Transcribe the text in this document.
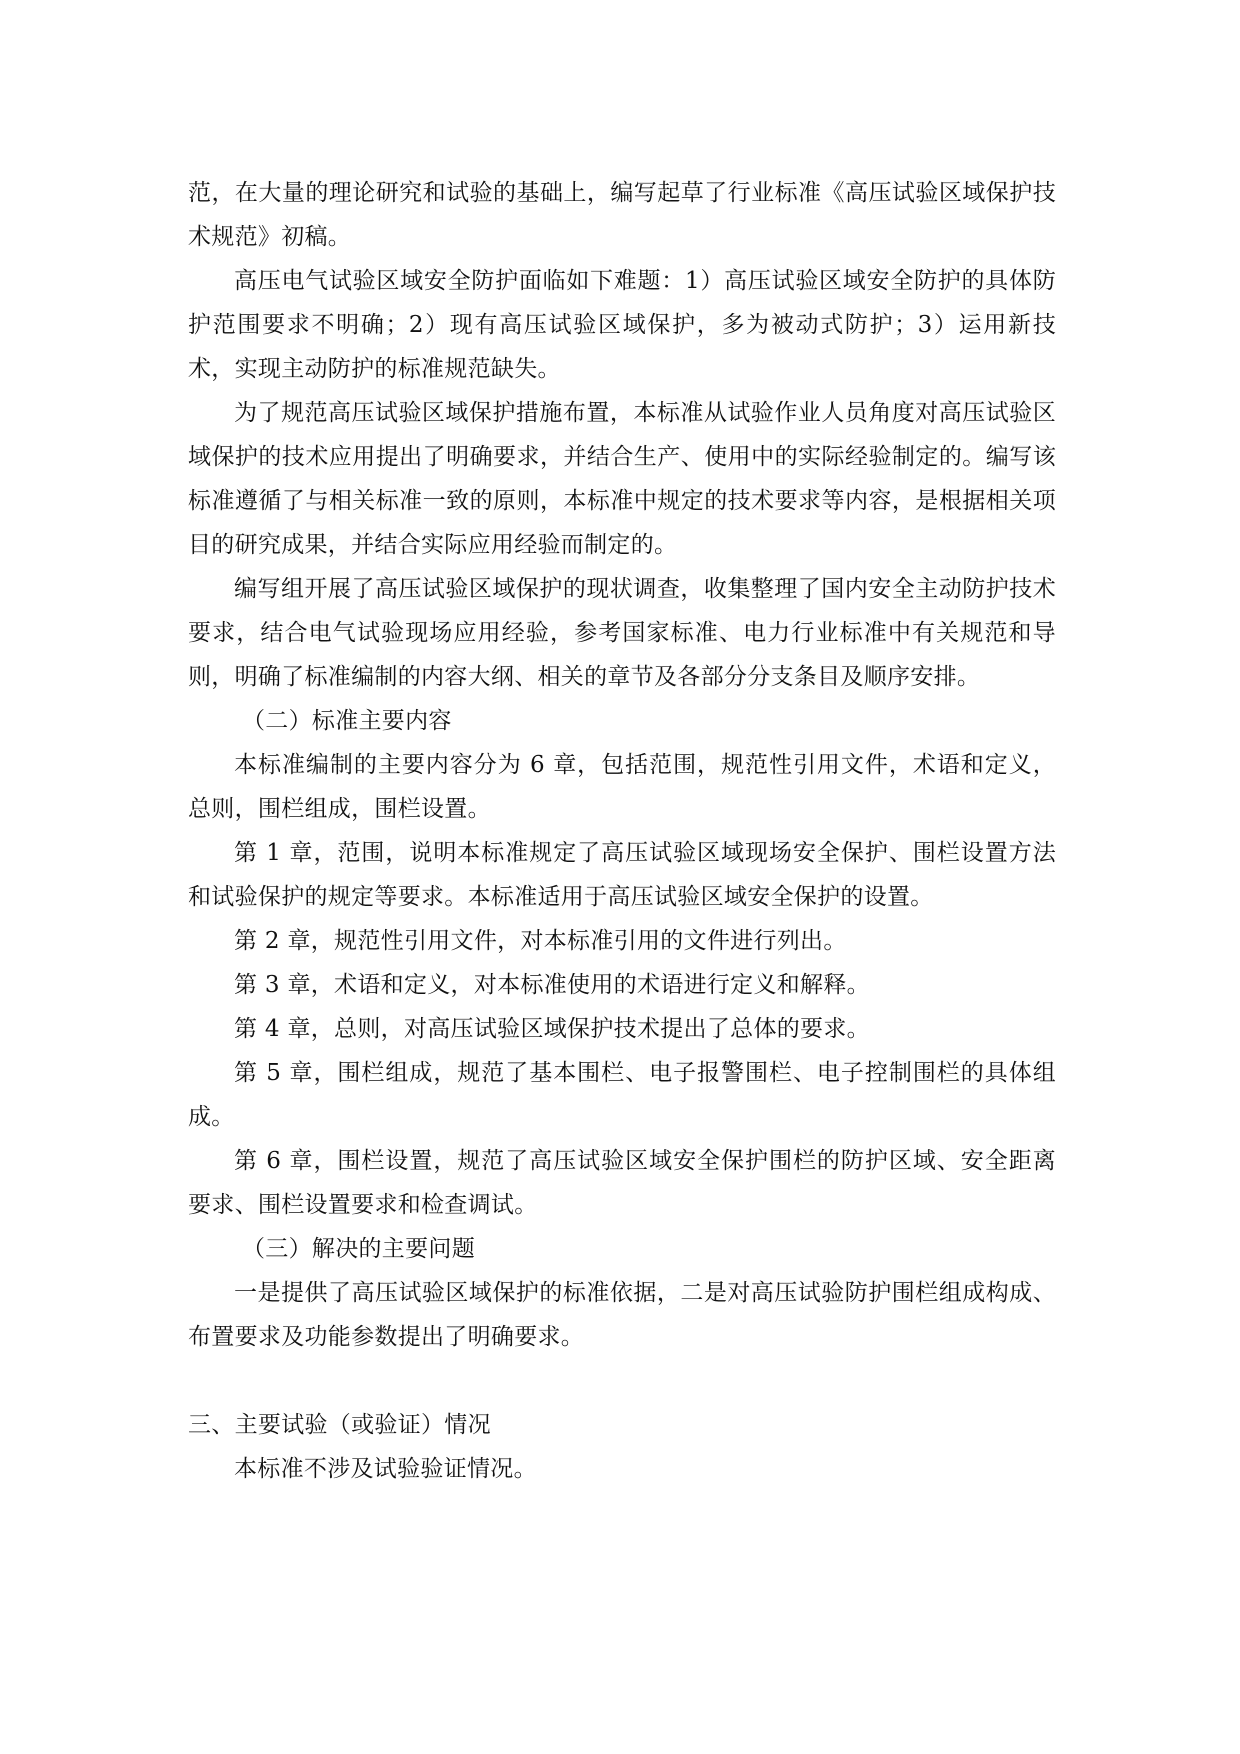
范，在大量的理论研究和试验的基础上，编写起草了行业标准《高压试验区域保护技术规范》初稿。

高压电气试验区域安全防护面临如下难题：1）高压试验区域安全防护的具体防护范围要求不明确；2）现有高压试验区域保护，多为被动式防护；3）运用新技术，实现主动防护的标准规范缺失。

为了规范高压试验区域保护措施布置，本标准从试验作业人员角度对高压试验区域保护的技术应用提出了明确要求，并结合生产、使用中的实际经验制定的。编写该标准遵循了与相关标准一致的原则，本标准中规定的技术要求等内容，是根据相关项目的研究成果，并结合实际应用经验而制定的。

编写组开展了高压试验区域保护的现状调查，收集整理了国内安全主动防护技术要求，结合电气试验现场应用经验，参考国家标准、电力行业标准中有关规范和导则，明确了标准编制的内容大纲、相关的章节及各部分分支条目及顺序安排。

（二）标准主要内容

本标准编制的主要内容分为 6 章，包括范围，规范性引用文件，术语和定义，总则，围栏组成，围栏设置。

第 1 章，范围，说明本标准规定了高压试验区域现场安全保护、围栏设置方法和试验保护的规定等要求。本标准适用于高压试验区域安全保护的设置。

第 2 章，规范性引用文件，对本标准引用的文件进行列出。

第 3 章，术语和定义，对本标准使用的术语进行定义和解释。

第 4 章，总则，对高压试验区域保护技术提出了总体的要求。

第 5 章，围栏组成，规范了基本围栏、电子报警围栏、电子控制围栏的具体组成。

第 6 章，围栏设置，规范了高压试验区域安全保护围栏的防护区域、安全距离要求、围栏设置要求和检查调试。

（三）解决的主要问题

一是提供了高压试验区域保护的标准依据，二是对高压试验防护围栏组成构成、布置要求及功能参数提出了明确要求。

三、主要试验（或验证）情况

本标准不涉及试验验证情况。
